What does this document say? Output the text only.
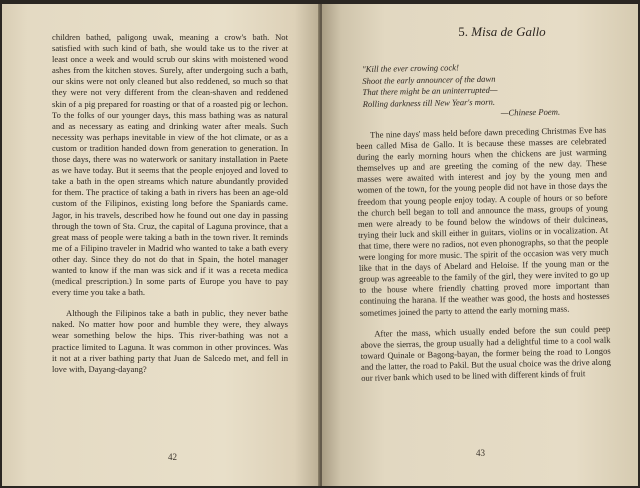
children bathed, paligong uwak, meaning a crow's bath. Not satisfied with such kind of bath, she would take us to the river at least once a week and would scrub our skins with moistened wood ashes from the kitchen stoves. Surely, after undergoing such a bath, our skins were not only cleaned but also reddened, so much so that they were not very different from the clean-shaven and reddened skin of a pig prepared for roasting or that of a roasted pig or lechon. To the folks of our younger days, this mass bathing was as natural and as necessary as eating and drinking water after meals. Such necessity was perhaps inevitable in view of the hot climate, or as a custom or tradition handed down from generation to generation. In those days, there was no waterwork or sanitary installation in Paete as we have today. But it seems that the people enjoyed and loved to take a bath in the open streams which nature abundantly provided for them. The practice of taking a bath in rivers has been an age-old custom of the Filipinos, existing long before the Spaniards came. Jagor, in his travels, described how he found out one day in passing through the town of Sta. Cruz, the capital of Laguna province, that a great mass of people were taking a bath in the town river. It reminds me of a Filipino traveler in Madrid who wanted to take a bath every other day. Since they do not do that in Spain, the hotel manager wanted to know if the man was sick and if it was a receta medica (medical prescription.) In some parts of Europe you have to pay every time you take a bath.

Although the Filipinos take a bath in public, they never bathe naked. No matter how poor and humble they were, they always wear something below the hips. This river-bathing was not a practice limited to Laguna. It was common in other provinces. Was it not at a river bathing party that Juan de Salcedo met, and fell in love with, Dayang-dayang?

42
5. Misa de Gallo
"Kill the ever crowing cock!
Shoot the early announcer of the dawn
That there might be an uninterrupted—
Rolling darkness till New Year's morn.
—Chinese Poem.

The nine days' mass held before dawn preceding Christmas Eve has been called Misa de Gallo. It is because these masses are celebrated during the early morning hours when the chickens are just warming themselves up and are greeting the coming of the new day. These masses were awaited with interest and joy by the young men and women of the town, for the young people did not have in those days the freedom that young people enjoy today. A couple of hours or so before the church bell began to toll and announce the mass, groups of young men were already to be found below the windows of their dulcineas, trying their luck and skill either in guitars, violins or in vocalization. At that time, there were no radios, not even phonographs, so that the people were longing for more music. The spirit of the occasion was very much like that in the days of Abelard and Heloise. If the young man or the group was agreeable to the family of the girl, they were invited to go up to the house where friendly chatting proved more important than continuing the harana. If the weather was good, the hosts and hostesses sometimes joined the party to attend the early morning mass.

After the mass, which usually ended before the sun could peep above the sierras, the group usually had a delightful time to a cool walk toward Quinale or Bagong-bayan, the former being the road to Longos and the latter, the road to Pakil. But the usual choice was the drive along our river bank which used to be lined with different kinds of fruit

43
